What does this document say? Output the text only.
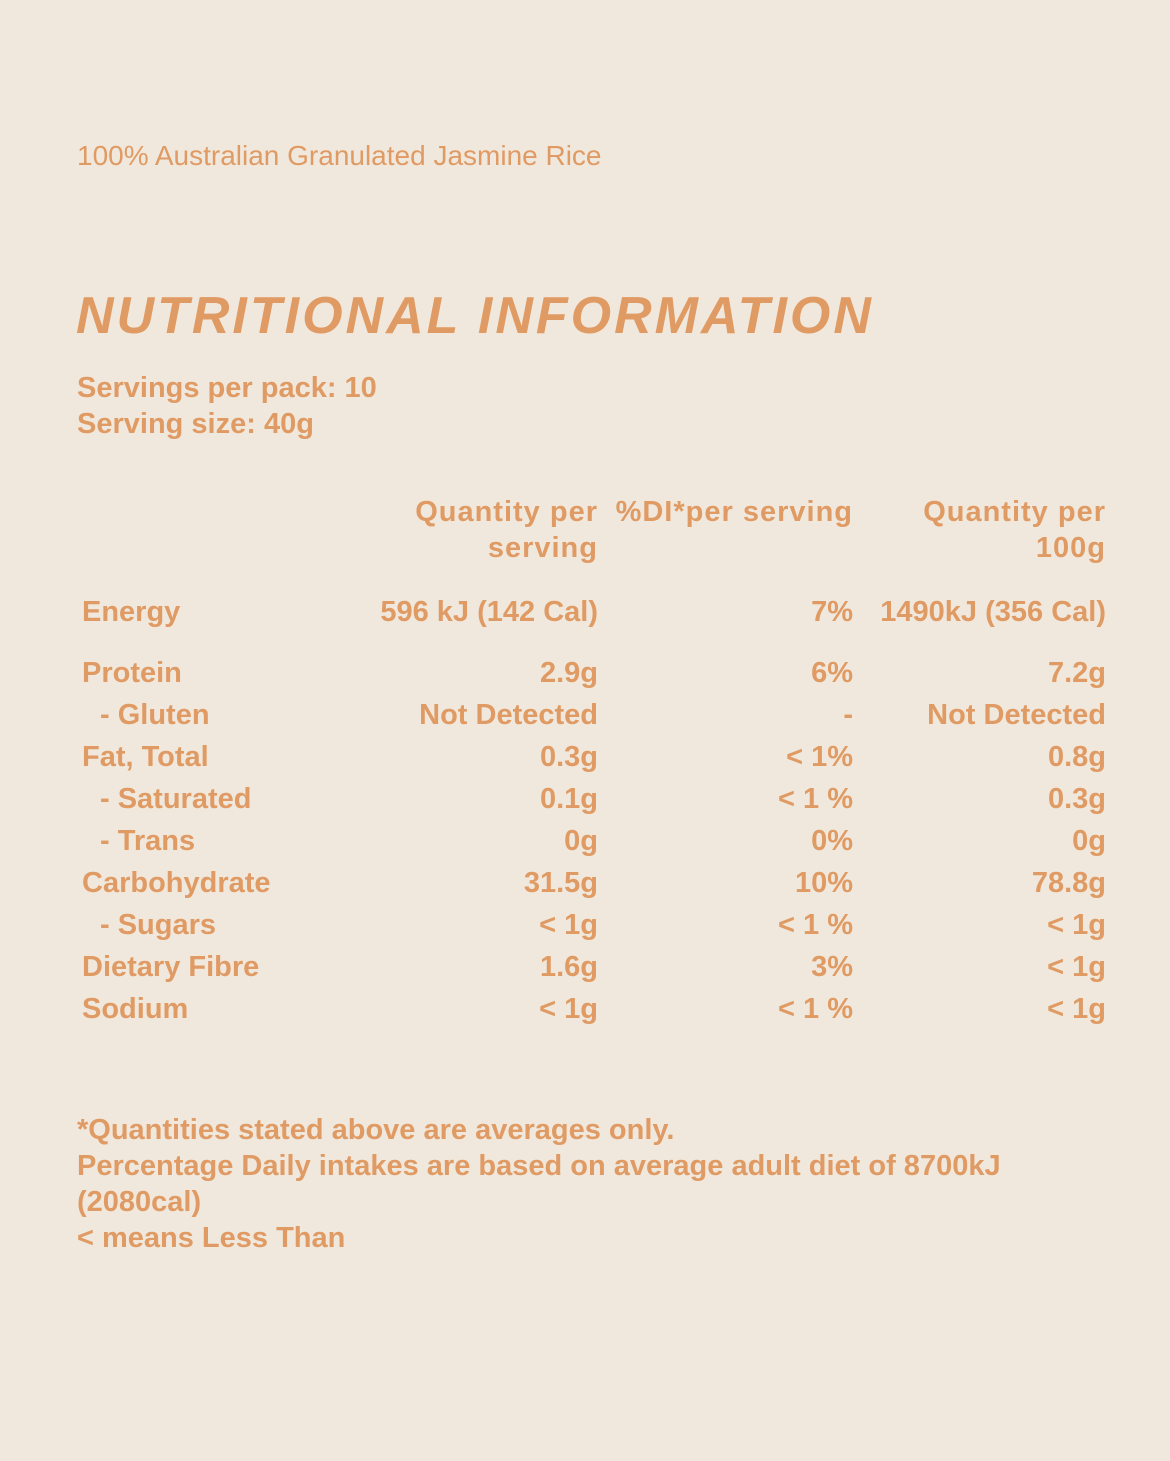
100% Australian Granulated Jasmine Rice
NUTRITIONAL INFORMATION
Servings per pack: 10
Serving size: 40g
	Quantity per serving	%DI*per serving	Quantity per 100g
Energy	596 kJ (142 Cal)	7%	1490kJ (356 Cal)
Protein	2.9g	6%	7.2g
- Gluten	Not Detected	-	Not Detected
Fat, Total	0.3g	< 1%	0.8g
- Saturated	0.1g	< 1 %	0.3g
- Trans	0g	0%	0g
Carbohydrate	31.5g	10%	78.8g
- Sugars	< 1g	< 1 %	< 1g
Dietary Fibre	1.6g	3%	< 1g
Sodium	< 1g	< 1 %	< 1g
*Quantities stated above are averages only.
Percentage Daily intakes are based on average adult diet of 8700kJ (2080cal)
< means Less Than
